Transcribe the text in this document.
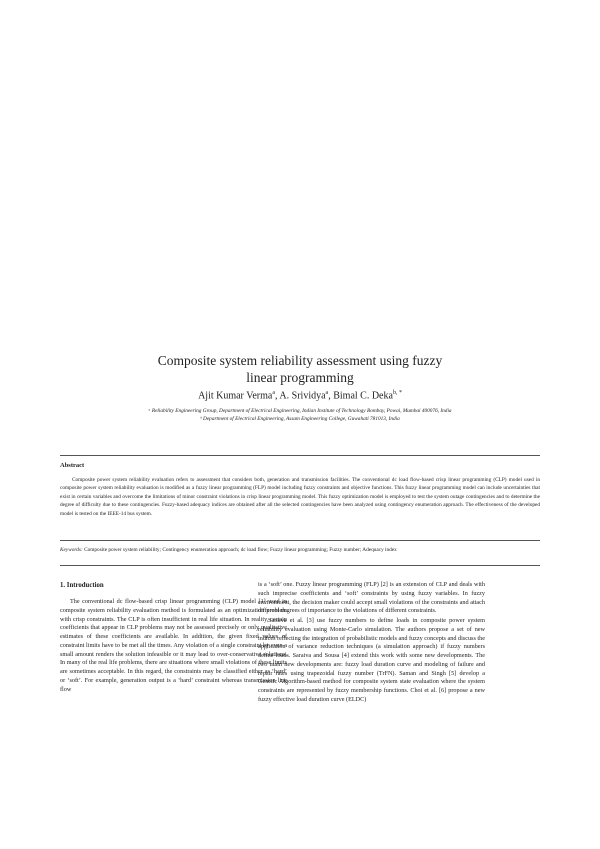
Composite system reliability assessment using fuzzy
linear programming
Ajit Kumar Verma$^a$, A. Srividya$^a$, Bimal C. Deka$^{b, *}$
ᵃ Reliability Engineering Group, Department of Electrical Engineering, Indian Institute of Technology Bombay, Powai, Mumbai 400076, India
ᵇ Department of Electrical Engineering, Assam Engineering College, Guwahati 781013, India
Abstract
Composite power system reliability evaluation refers to assessment that considers both, generation and transmission facilities. The conventional dc load flow-based crisp linear programming (CLP) model used in composite power system reliability evaluation is modified as a fuzzy linear programming (FLP) model including fuzzy constraints and objective functions. This fuzzy linear programming model can include uncertainties that exist in certain variables and overcome the limitations of minor constraint violations in crisp linear programming model. This fuzzy optimization model is employed to test the system outage contingencies and to determine the degree of difficulty due to these contingencies. Fuzzy-based adequacy indices are obtained after all the selected contingencies have been analyzed using contingency enumeration approach. The effectiveness of the developed model is tested on the IEEE-14 bus system.
Keywords: Composite power system reliability; Contingency enumeration approach; dc load flow; Fuzzy linear programming; Fuzzy number; Adequacy index
1. Introduction

The conventional dc flow-based crisp linear programming (CLP) model [1] used in composite system reliability evaluation method is formulated as an optimization problem with crisp constraints. The CLP is often insufficient in real life situation. In reality, certain coefficients that appear in CLP problems may not be assessed precisely or only qualitative estimates of these coefficients are available. In addition, the given fixed values of constraint limits have to be met all the times. Any violation of a single constraint by even a small amount renders the solution infeasible or it may lead to over-conservative solutions. In many of the real life problems, there are situations where small violations of these limits are sometimes acceptable. In this regard, the constraints may be classified either as ‘hard’ or ‘soft’. For example, generation output is a ‘hard’ constraint whereas transmission line flow

is a ‘soft’ one. Fuzzy linear programming (FLP) [2] is an extension of CLP and deals with such imprecise coefficients and ‘soft’ constraints by using fuzzy variables. In fuzzy environment, the decision maker could accept small violations of the constraints and attach different degrees of importance to the violations of different constraints.

Saraiva et al. [3] use fuzzy numbers to define loads in composite power system reliability evaluation using Monte-Carlo simulation. The authors propose a set of new indices reflecting the integration of probabilistic models and fuzzy concepts and discuss the application of variance reduction techniques (a simulation approach) if fuzzy numbers define loads. Saraiva and Sousa [4] extend this work with some new developments. The two main new developments are: fuzzy load duration curve and modeling of failure and repair rates using trapezoidal fuzzy number (TrFN). Saman and Singh [5] develop a Genetic Algorithm-based method for composite system state evaluation where the system constraints are represented by fuzzy membership functions. Choi et al. [6] propose a new fuzzy effective load duration curve (ELDC)
